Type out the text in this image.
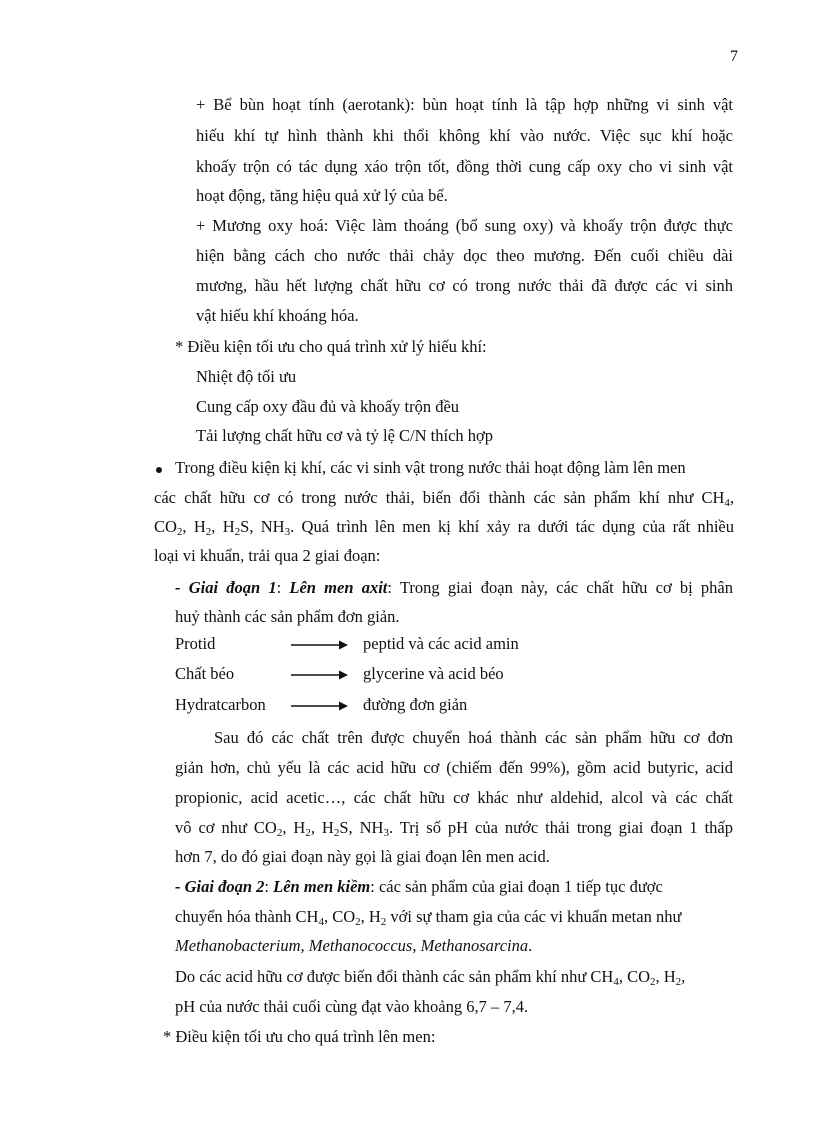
7
+ Bể bùn hoạt tính (aerotank): bùn hoạt tính là tập hợp những vi sinh vật
hiếu khí tự hình thành khi thổi không khí vào nước. Việc sục khí hoặc
khoấy trộn có tác dụng xáo trộn tốt, đồng thời cung cấp oxy cho vi sinh vật
hoạt động, tăng hiệu quả xử lý của bể.
+ Mương oxy hoá: Việc làm thoáng (bổ sung oxy) và khoấy trộn được thực
hiện bằng cách cho nước thải chảy dọc theo mương. Đến cuối chiều dài
mương, hầu hết lượng chất hữu cơ có trong nước thải đã được các vi sinh
vật hiếu khí khoáng hóa.
* Điều kiện tối ưu cho quá trình xử lý hiếu khí:
Nhiệt độ tối ưu
Cung cấp oxy đầu đủ và khoấy trộn đều
Tải lượng chất hữu cơ và tỷ lệ C/N thích hợp
Trong điều kiện kị khí, các vi sinh vật trong nước thải hoạt động làm lên men
các chất hữu cơ có trong nước thải, biến đổi thành các sản phẩm khí như $CH_4$,
$CO_2$, $H_2$, $H_2S$, $NH_3$. Quá trình lên men kị khí xảy ra dưới tác dụng của rất nhiều
loại vi khuẩn, trải qua 2 giai đoạn:
- Giai đoạn 1: Lên men axit: Trong giai đoạn này, các chất hữu cơ bị phân
huỷ thành các sản phẩm đơn giản.
Protid	peptid và các acid amin
Chất béo	glycerine và acid béo
Hydratcarbon	đường đơn giản
Sau đó các chất trên được chuyển hoá thành các sản phẩm hữu cơ đơn
giản hơn, chủ yếu là các acid hữu cơ (chiếm đến 99%), gồm acid butyric, acid
propionic, acid acetic…, các chất hữu cơ khác như aldehid, alcol và các chất
vô cơ như $CO_2$, $H_2$, $H_2S$, $NH_3$. Trị số pH của nước thải trong giai đoạn 1 thấp
hơn 7, do đó giai đoạn này gọi là giai đoạn lên men acid.
- Giai đoạn 2: Lên men kiềm: các sản phẩm của giai đoạn 1 tiếp tục được
chuyển hóa thành $CH_4$, $CO_2$, $H_2$ với sự tham gia của các vi khuẩn metan như
Methanobacterium, Methanococcus, Methanosarcina.
Do các acid hữu cơ được biến đổi thành các sản phẩm khí như $CH_4$, $CO_2$, $H_2$,
pH của nước thải cuối cùng đạt vào khoảng 6,7 – 7,4.
* Điều kiện tối ưu cho quá trình lên men:
